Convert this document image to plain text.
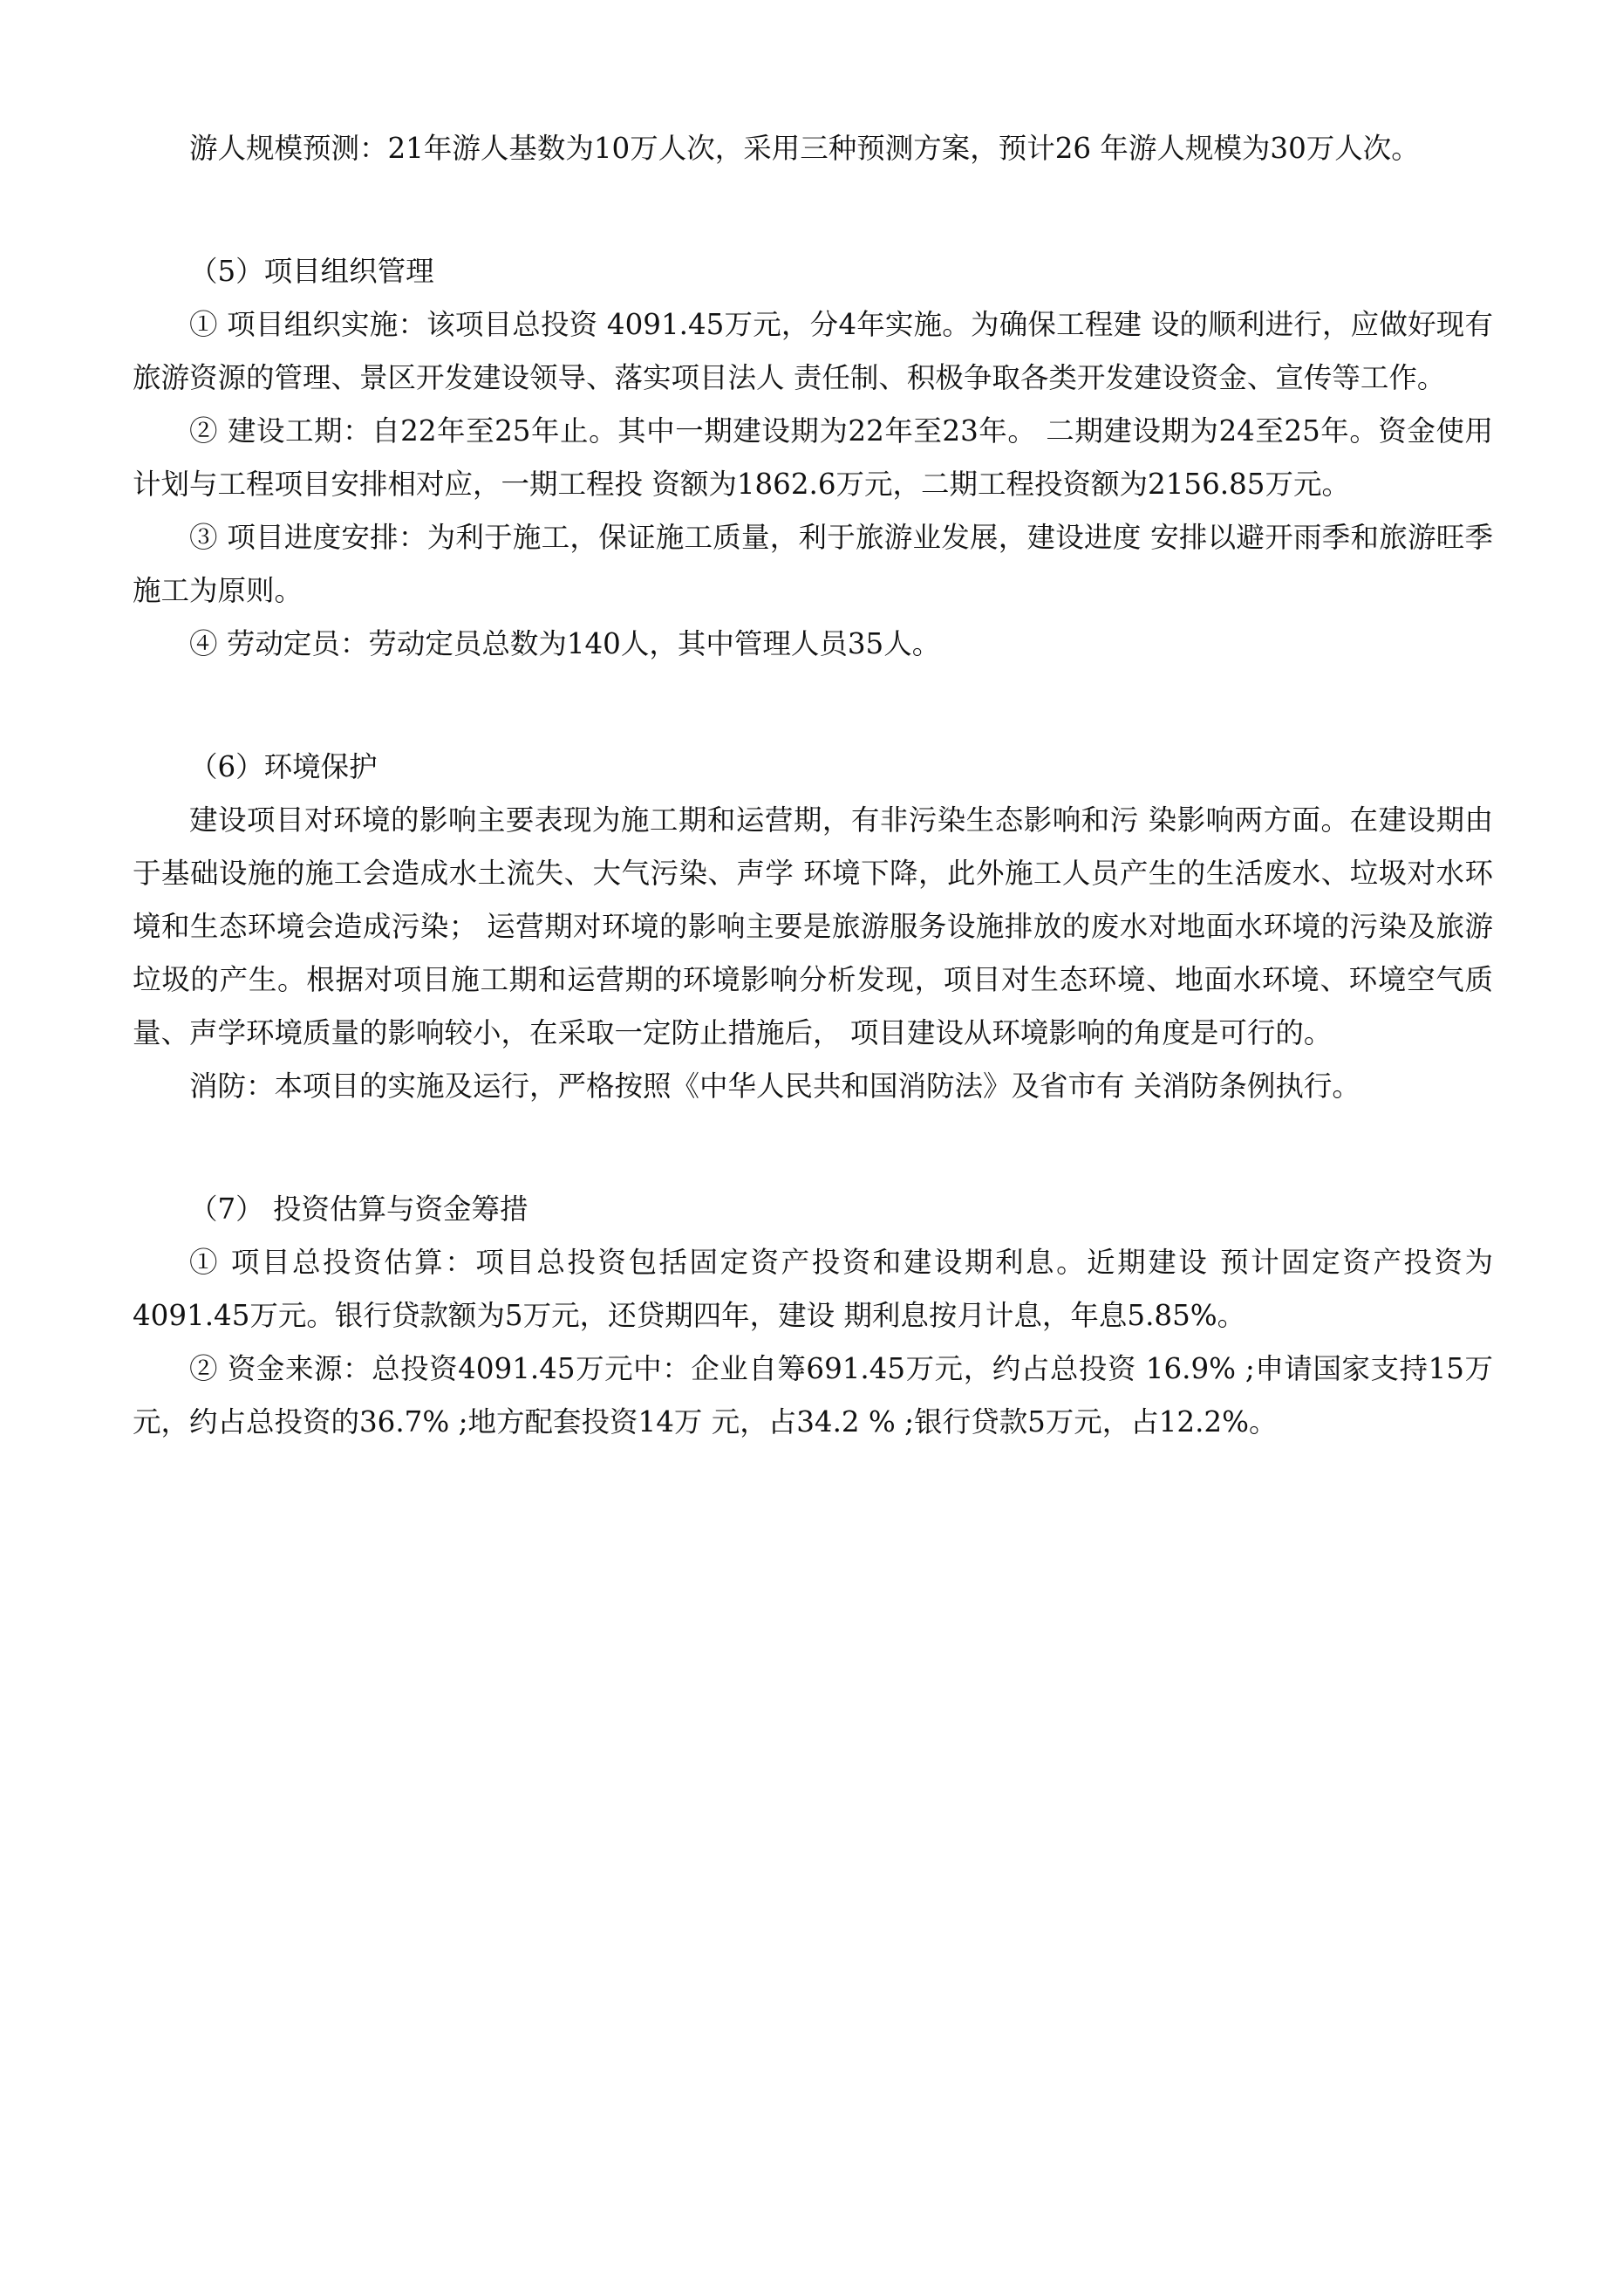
游人规模预测：21年游人基数为10万人次，采用三种预测方案，预计26 年游人规模为30万人次。

（5）项目组织管理

① 项目组织实施：该项目总投资 4091.45万元，分4年实施。为确保工程建 设的顺利进行，应做好现有旅游资源的管理、景区开发建设领导、落实项目法人 责任制、积极争取各类开发建设资金、宣传等工作。

② 建设工期：自22年至25年止。其中一期建设期为22年至23年。 二期建设期为24至25年。资金使用计划与工程项目安排相对应，一期工程投 资额为1862.6万元，二期工程投资额为2156.85万元。

③ 项目进度安排：为利于施工，保证施工质量，利于旅游业发展，建设进度 安排以避开雨季和旅游旺季施工为原则。

④ 劳动定员：劳动定员总数为140人，其中管理人员35人。

（6）环境保护

建设项目对环境的影响主要表现为施工期和运营期，有非污染生态影响和污 染影响两方面。在建设期由于基础设施的施工会造成水土流失、大气污染、声学 环境下降，此外施工人员产生的生活废水、垃圾对水环境和生态环境会造成污染； 运营期对环境的影响主要是旅游服务设施排放的废水对地面水环境的污染及旅游 垃圾的产生。根据对项目施工期和运营期的环境影响分析发现，项目对生态环境、地面水环境、环境空气质量、声学环境质量的影响较小，在采取一定防止措施后， 项目建设从环境影响的角度是可行的。

消防：本项目的实施及运行，严格按照《中华人民共和国消防法》及省市有 关消防条例执行。

（7） 投资估算与资金筹措

① 项目总投资估算：项目总投资包括固定资产投资和建设期利息。近期建设 预计固定资产投资为4091.45万元。银行贷款额为5万元，还贷期四年，建设 期利息按月计息，年息5.85%。

② 资金来源：总投资4091.45万元中：企业自筹691.45万元，约占总投资 16.9% ;申请国家支持15万元，约占总投资的36.7% ;地方配套投资14万 元，占34.2 % ;银行贷款5万元，占12.2%。
